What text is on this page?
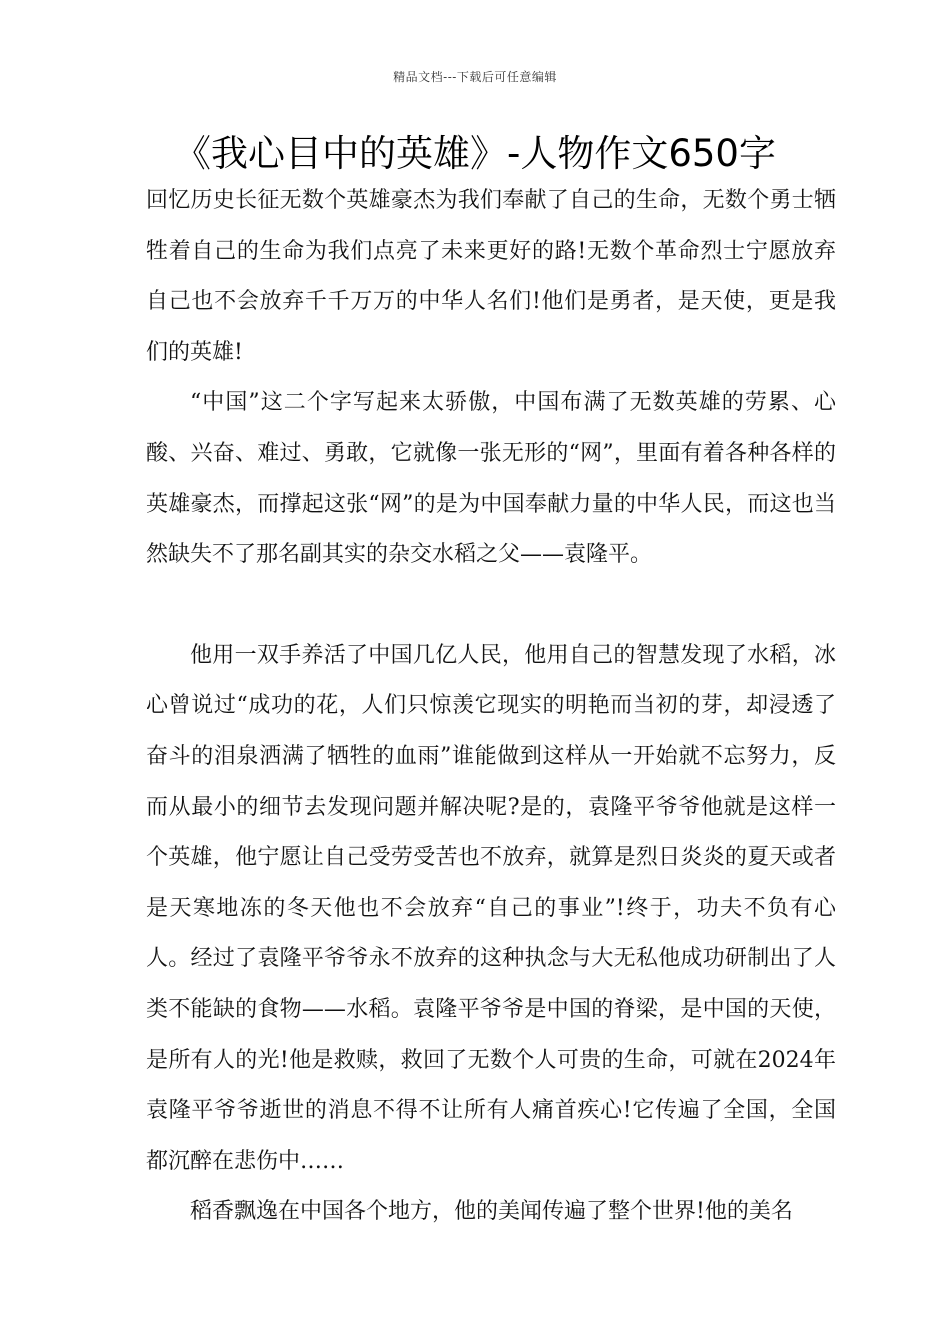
精品文档---下载后可任意编辑
《我心目中的英雄》-人物作文650字

回忆历史长征无数个英雄豪杰为我们奉献了自己的生命，无数个勇士牺牲着自己的生命为我们点亮了未来更好的路!无数个革命烈士宁愿放弃自己也不会放弃千千万万的中华人名们!他们是勇者，是天使，更是我们的英雄!

“中国”这二个字写起来太骄傲，中国布满了无数英雄的劳累、心酸、兴奋、难过、勇敢，它就像一张无形的“网”，里面有着各种各样的英雄豪杰，而撑起这张“网”的是为中国奉献力量的中华人民，而这也当然缺失不了那名副其实的杂交水稻之父——袁隆平。

他用一双手养活了中国几亿人民，他用自己的智慧发现了水稻，冰心曾说过“成功的花，人们只惊羡它现实的明艳而当初的芽，却浸透了奋斗的泪泉洒满了牺牲的血雨”谁能做到这样从一开始就不忘努力，反而从最小的细节去发现问题并解决呢?是的，袁隆平爷爷他就是这样一个英雄，他宁愿让自己受劳受苦也不放弃，就算是烈日炎炎的夏天或者是天寒地冻的冬天他也不会放弃“自己的事业”!终于，功夫不负有心人。经过了袁隆平爷爷永不放弃的这种执念与大无私他成功研制出了人类不能缺的食物——水稻。袁隆平爷爷是中国的脊梁，是中国的天使，是所有人的光!他是救赎，救回了无数个人可贵的生命，可就在2024年袁隆平爷爷逝世的消息不得不让所有人痛首疾心!它传遍了全国，全国都沉醉在悲伤中……

稻香飘逸在中国各个地方，他的美闻传遍了整个世界!他的美名
